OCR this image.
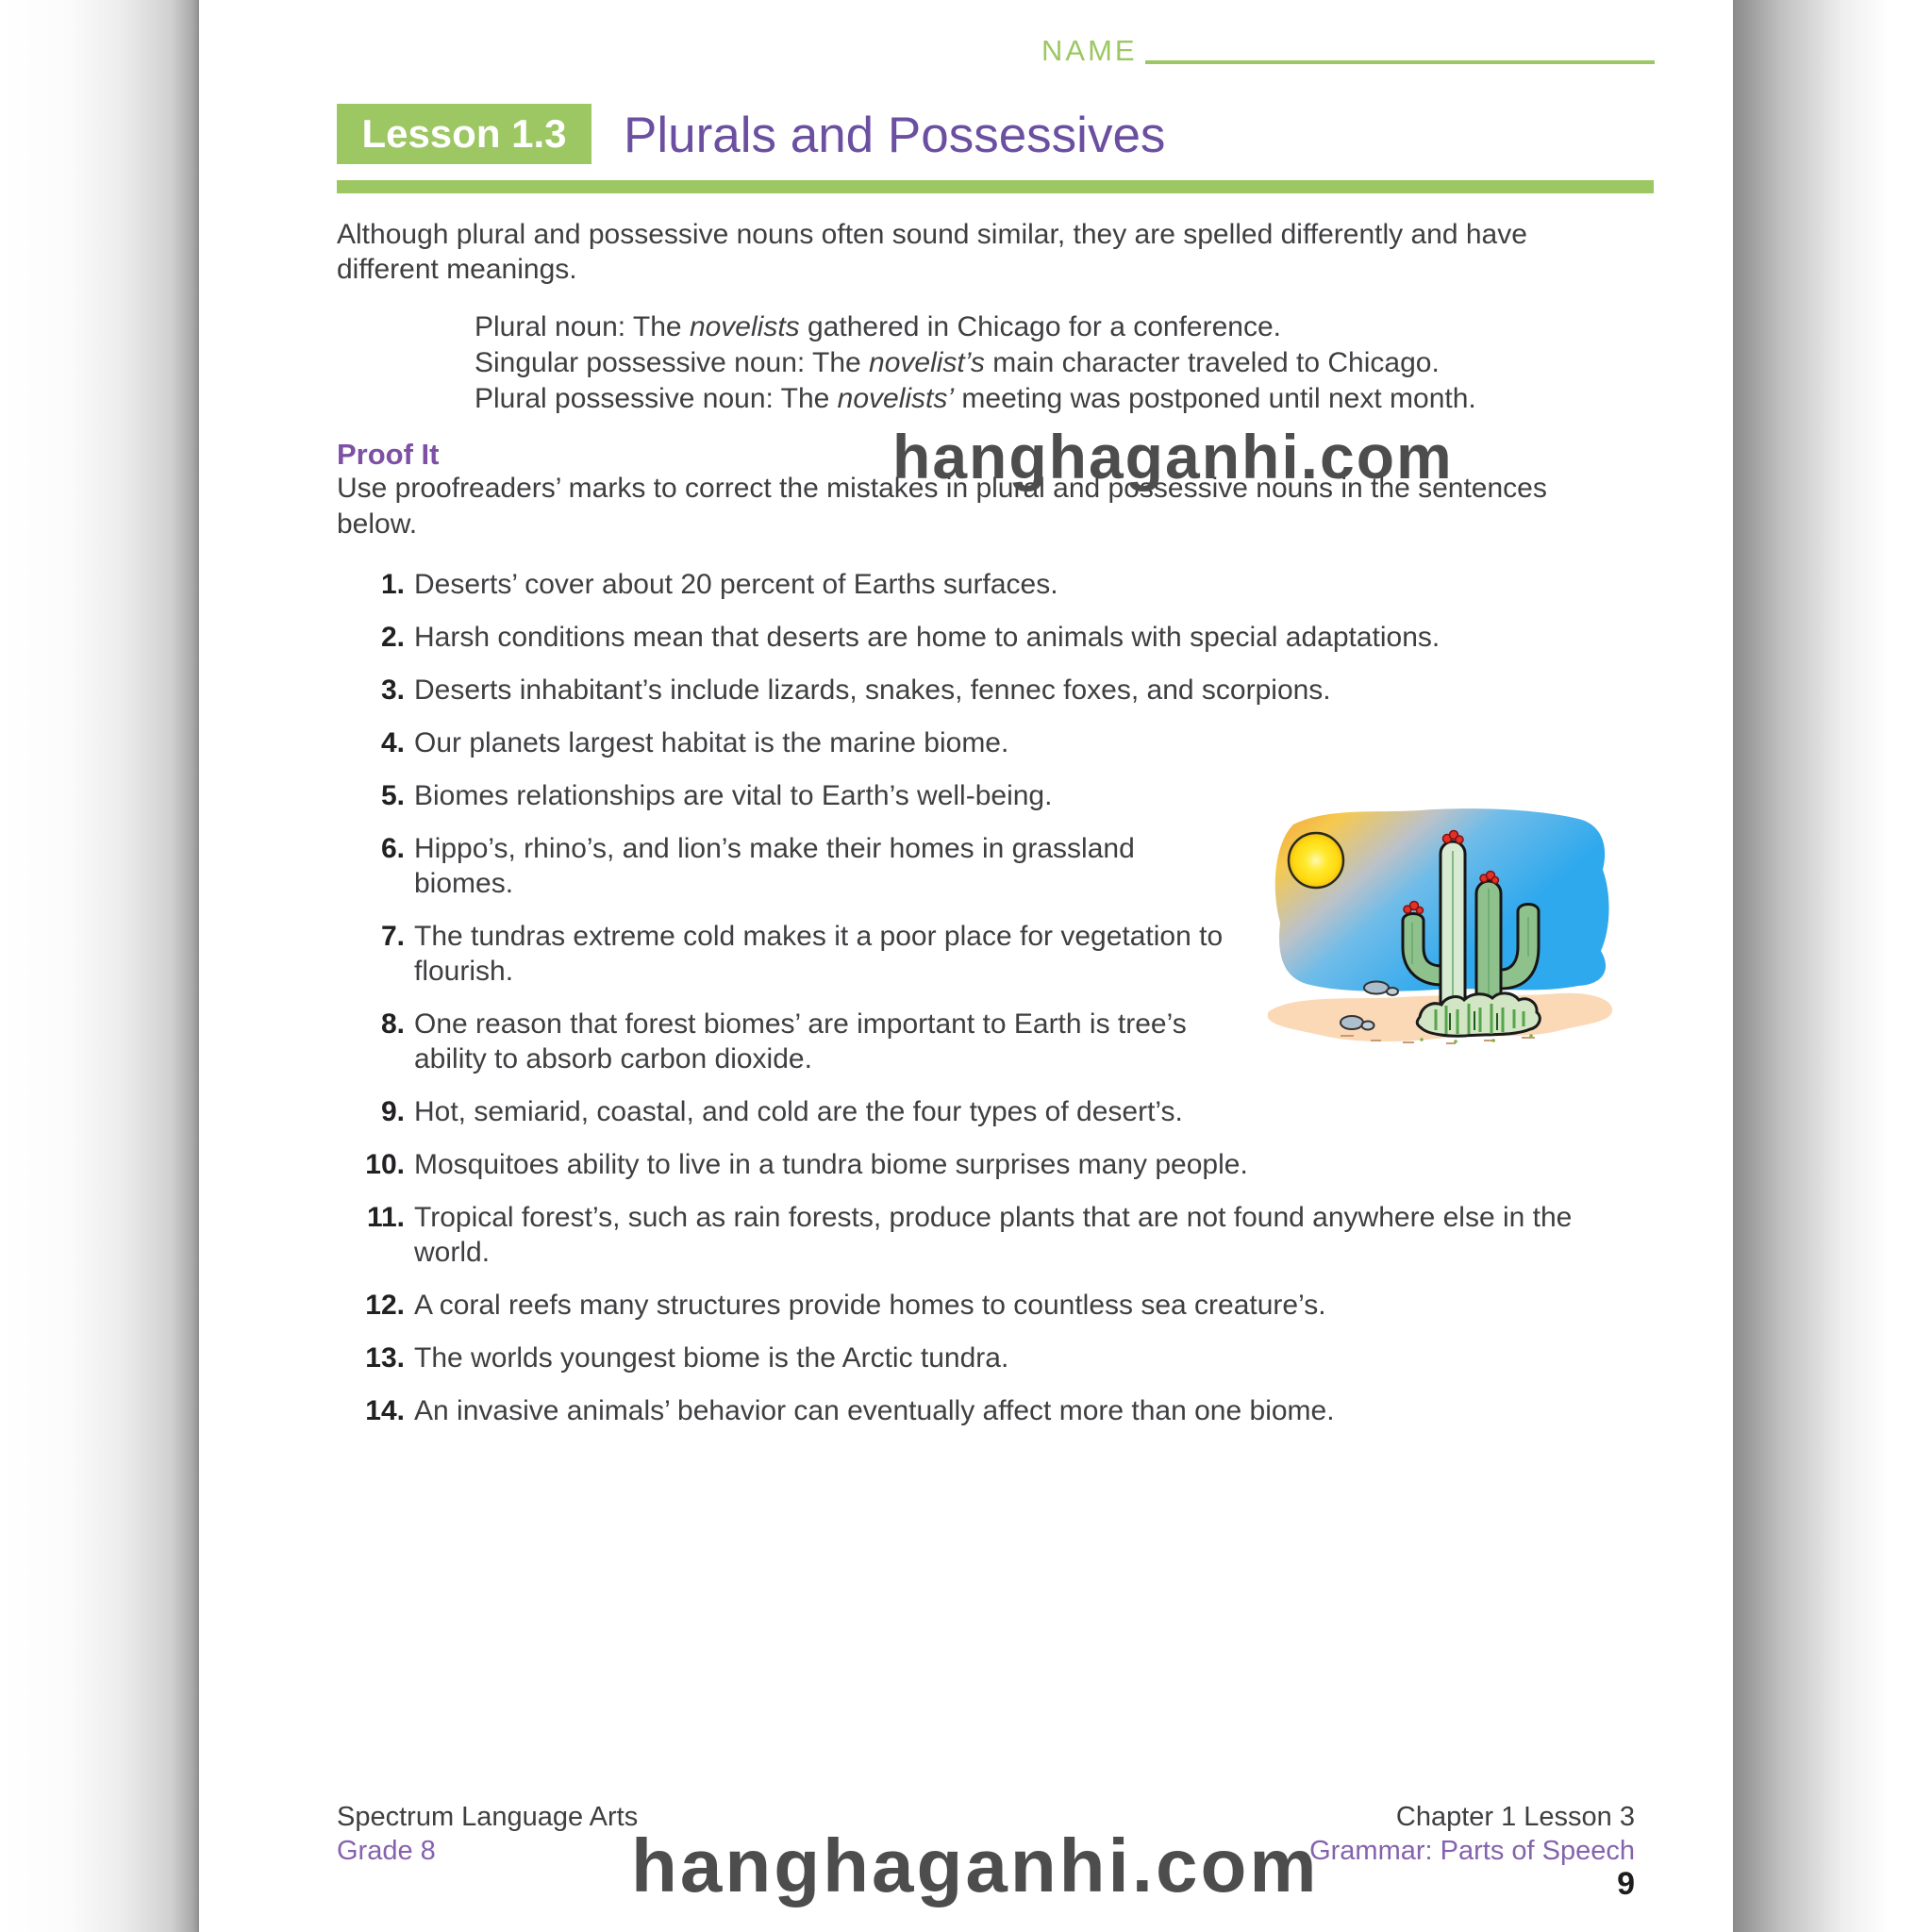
NAME
Lesson 1.3	Plurals and Possessives
Although plural and possessive nouns often sound similar, they are spelled differently and have different meanings.
Plural noun: The novelists gathered in Chicago for a conference.
Singular possessive noun: The novelist’s main character traveled to Chicago.
Plural possessive noun: The novelists’ meeting was postponed until next month.
Proof It
Use proofreaders’ marks to correct the mistakes in plural and possessive nouns in the sentences below.
1. Deserts’ cover about 20 percent of Earths surfaces.
2. Harsh conditions mean that deserts are home to animals with special adaptations.
3. Deserts inhabitant’s include lizards, snakes, fennec foxes, and scorpions.
4. Our planets largest habitat is the marine biome.
5. Biomes relationships are vital to Earth’s well-being.
6. Hippo’s, rhino’s, and lion’s make their homes in grassland biomes.
7. The tundras extreme cold makes it a poor place for vegetation to flourish.
8. One reason that forest biomes’ are important to Earth is tree’s ability to absorb carbon dioxide.
9. Hot, semiarid, coastal, and cold are the four types of desert’s.
10. Mosquitoes ability to live in a tundra biome surprises many people.
11. Tropical forest’s, such as rain forests, produce plants that are not found anywhere else in the world.
12. A coral reefs many structures provide homes to countless sea creature’s.
13. The worlds youngest biome is the Arctic tundra.
14. An invasive animals’ behavior can eventually affect more than one biome.
hanghaganhi.com
hanghaganhi.com
Spectrum Language Arts
Grade 8
Chapter 1 Lesson 3
Grammar: Parts of Speech
9
